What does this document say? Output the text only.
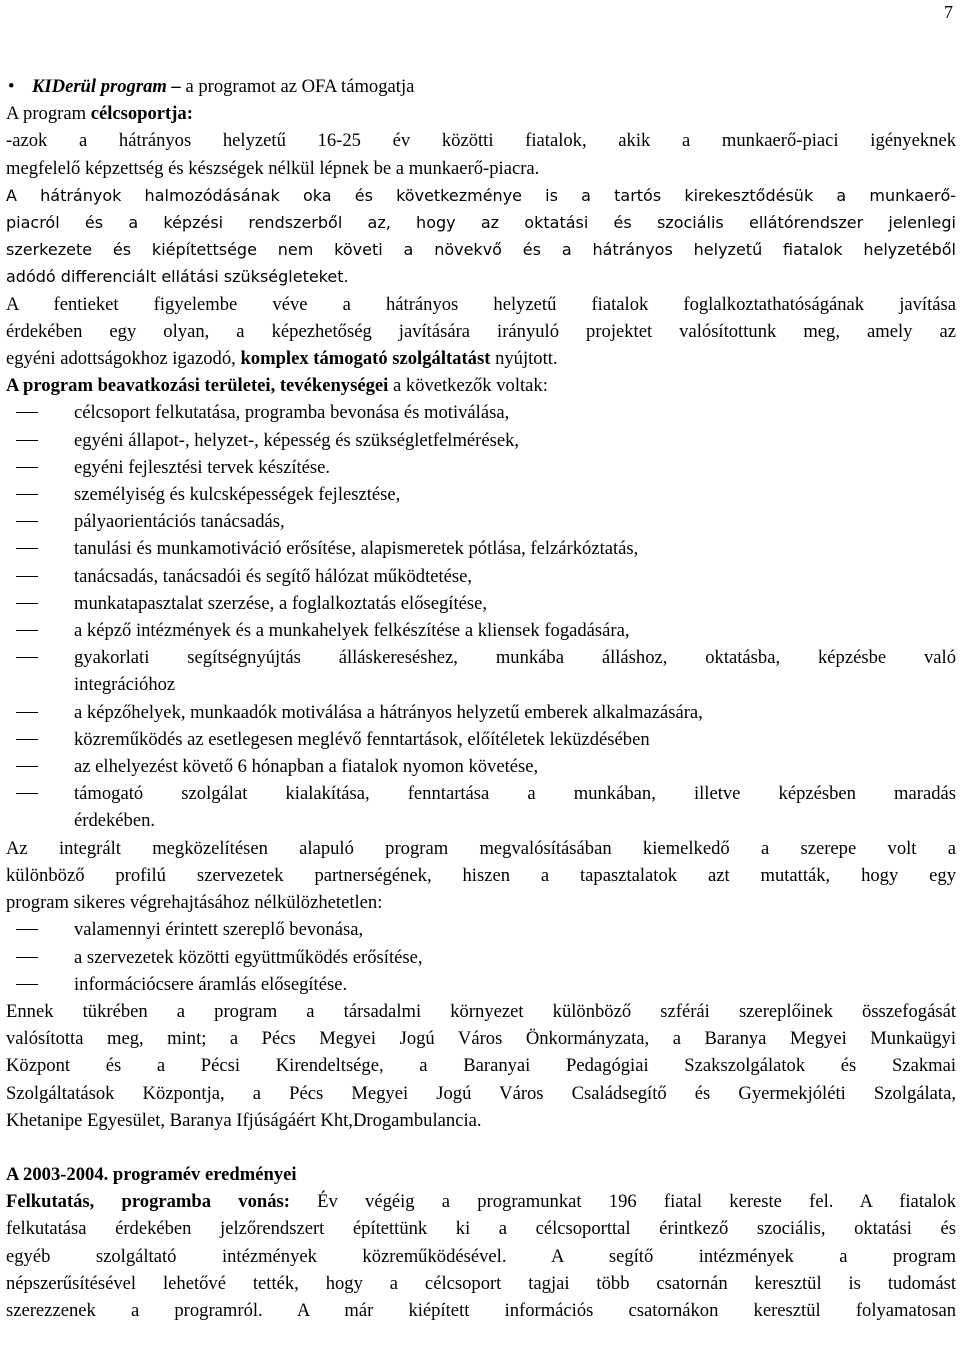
7
• KIDerül program – a programot az OFA támogatja
A program célcsoportja:
-azok a hátrányos helyzetű 16-25 év közötti fiatalok, akik a munkaerő-piaci igényeknek
megfelelő képzettség és készségek nélkül lépnek be a munkaerő-piacra.
A hátrányok halmozódásának oka és következménye is a tartós kirekesztődésük a munkaerő-
piacról és a képzési rendszerből az, hogy az oktatási és szociális ellátórendszer jelenlegi
szerkezete és kiépítettsége nem követi a növekvő és a hátrányos helyzetű fiatalok helyzetéből
adódó differenciált ellátási szükségleteket.
A fentieket figyelembe véve a hátrányos helyzetű fiatalok foglalkoztathatóságának javítása
érdekében egy olyan, a képezhetőség javítására irányuló projektet valósítottunk meg, amely az
egyéni adottságokhoz igazodó, komplex támogató szolgáltatást nyújtott.
A program beavatkozási területei, tevékenységei a következők voltak:
célcsoport felkutatása, programba bevonása és motiválása,
egyéni állapot-, helyzet-, képesség és szükségletfelmérések,
egyéni fejlesztési tervek készítése.
személyiség és kulcsképességek fejlesztése,
pályaorientációs tanácsadás,
tanulási és munkamotiváció erősítése, alapismeretek pótlása, felzárkóztatás,
tanácsadás, tanácsadói és segítő hálózat működtetése,
munkatapasztalat szerzése, a foglalkoztatás elősegítése,
a képző intézmények és a munkahelyek felkészítése a kliensek fogadására,
gyakorlati segítségnyújtás álláskereséshez, munkába álláshoz, oktatásba, képzésbe való
integrációhoz
a képzőhelyek, munkaadók motiválása a hátrányos helyzetű emberek alkalmazására,
közreműködés az esetlegesen meglévő fenntartások, előítéletek leküzdésében
az elhelyezést követő 6 hónapban a fiatalok nyomon követése,
támogató szolgálat kialakítása, fenntartása a munkában, illetve képzésben maradás
érdekében.
Az integrált megközelítésen alapuló program megvalósításában kiemelkedő a szerepe volt a
különböző profilú szervezetek partnerségének, hiszen a tapasztalatok azt mutatták, hogy egy
program sikeres végrehajtásához nélkülözhetetlen:
valamennyi érintett szereplő bevonása,
a szervezetek közötti együttműködés erősítése,
információcsere áramlás elősegítése.
Ennek tükrében a program a társadalmi környezet különböző szférái szereplőinek összefogását
valósította meg, mint; a Pécs Megyei Jogú Város Önkormányzata, a Baranya Megyei Munkaügyi
Központ és a Pécsi Kirendeltsége, a Baranyai Pedagógiai Szakszolgálatok és Szakmai
Szolgáltatások Központja, a Pécs Megyei Jogú Város Családsegítő és Gyermekjóléti Szolgálata,
Khetanipe Egyesület, Baranya Ifjúságáért Kht,Drogambulancia.
A 2003-2004. programév eredményei
Felkutatás, programba vonás: Év végéig a programunkat 196 fiatal kereste fel. A fiatalok
felkutatása érdekében jelzőrendszert építettünk ki a célcsoporttal érintkező szociális, oktatási és
egyéb szolgáltató intézmények közreműködésével. A segítő intézmények a program
népszerűsítésével lehetővé tették, hogy a célcsoport tagjai több csatornán keresztül is tudomást
szerezzenek a programról. A már kiépített információs csatornákon keresztül folyamatosan
